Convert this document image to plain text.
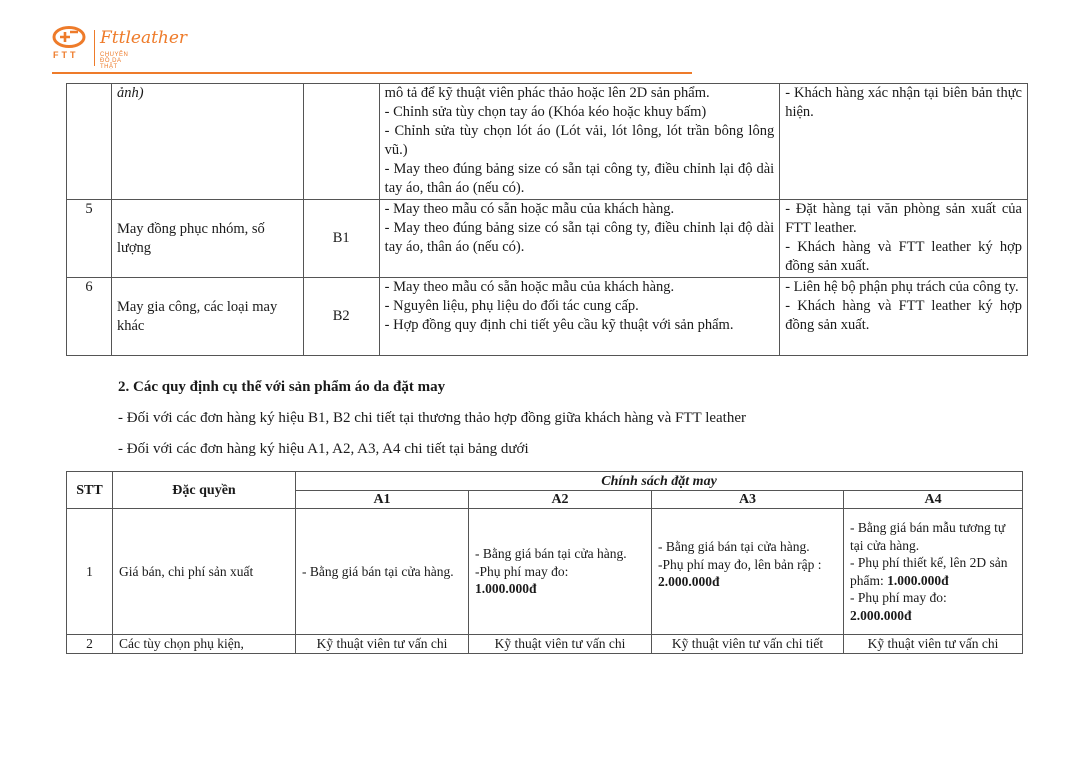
FTT
Fttleather
CHUYÊN ĐỒ DA THẬT
	ảnh)		mô tả để kỹ thuật viên phác thảo hoặc lên 2D sản phẩm.
- Chỉnh sửa tùy chọn tay áo (Khóa kéo hoặc khuy bấm)
- Chỉnh sửa tùy chọn lót áo (Lót vải, lót lông, lót trần bông lông vũ.)
- May theo đúng bảng size có sẵn tại công ty, điều chỉnh lại độ dài tay áo, thân áo (nếu có).	- Khách hàng xác nhận tại biên bản thực hiện.

5	May đồng phục nhóm, số lượng	B1	- May theo mẫu có sẵn hoặc mẫu của khách hàng.
- May theo đúng bảng size có sẵn tại công ty, điều chỉnh lại độ dài tay áo, thân áo (nếu có).	- Đặt hàng tại văn phòng sản xuất của FTT leather.
- Khách hàng và FTT leather ký hợp đồng sản xuất.

6	May gia công, các loại may khác	B2	- May theo mẫu có sẵn hoặc mẫu của khách hàng.
- Nguyên liệu, phụ liệu do đối tác cung cấp.
- Hợp đồng quy định chi tiết yêu cầu kỹ thuật với sản phẩm.	- Liên hệ bộ phận phụ trách của công ty.
- Khách hàng và FTT leather ký hợp đồng sản xuất.
2. Các quy định cụ thể với sản phẩm áo da đặt may
- Đối với các đơn hàng ký hiệu B1, B2 chi tiết tại thương thảo hợp đồng giữa khách hàng và FTT leather
- Đối với các đơn hàng ký hiệu A1, A2, A3, A4 chi tiết tại bảng dưới
STT	Đặc quyền	Chính sách đặt may			
		A1	A2	A3	A4
1	Giá bán, chi phí sản xuất	- Bằng giá bán tại cửa hàng.	- Bằng giá bán tại cửa hàng.
-Phụ phí may đo:
1.000.000đ	- Bằng giá bán tại cửa hàng.
-Phụ phí may đo, lên bản rập : 2.000.000đ	- Bằng giá bán mẫu tương tự tại cửa hàng.
- Phụ phí thiết kế, lên 2D sản phẩm: 1.000.000đ
- Phụ phí may đo:
2.000.000đ

2	Các tùy chọn phụ kiện,	Kỹ thuật viên tư vấn chi	Kỹ thuật viên tư vấn chi	Kỹ thuật viên tư vấn chi tiết	Kỹ thuật viên tư vấn chi
